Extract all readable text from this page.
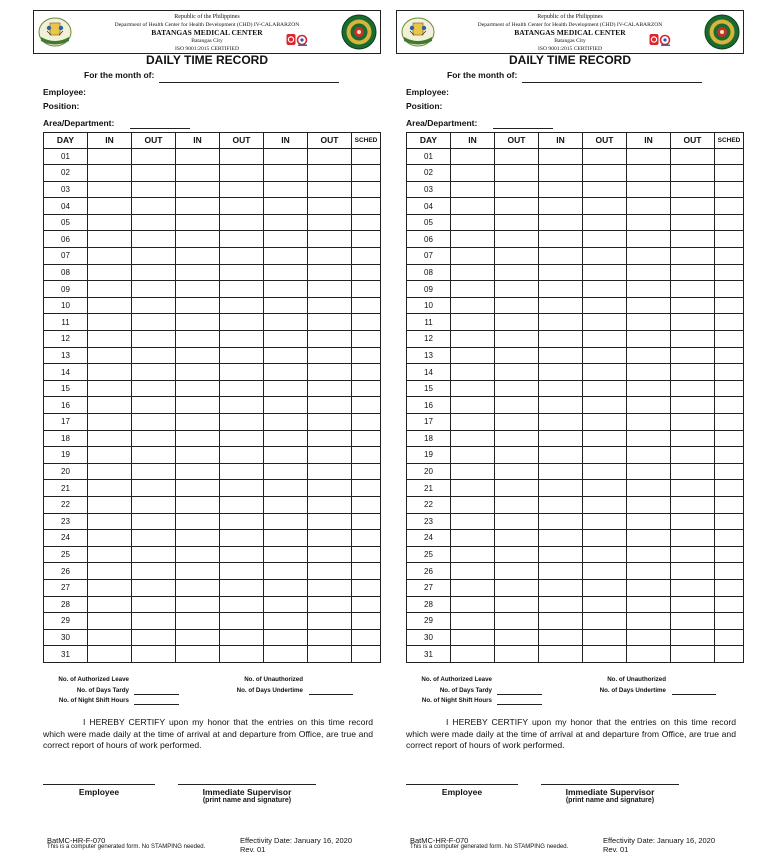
Republic of the Philippines
Department of Health Center for Health Development (CHD) IV-CALABARZON
BATANGAS MEDICAL CENTER
Batangas City
ISO 9001:2015 CERTIFIED
DAILY TIME RECORD
For the month of:
Employee:
Position:
Area/Department:
DAY	IN	OUT	IN	OUT	IN	OUT	SCHED
01							
02							
03							
04							
05							
06							
07							
08							
09							
10							
11							
12							
13							
14							
15							
16							
17							
18							
19							
20							
21							
22							
23							
24							
25							
26							
27							
28							
29							
30							
31							
No. of Authorized Leave
No. of Days Tardy
No. of Night Shift Hours
No. of Unauthorized
No. of Days Undertime
I HEREBY CERTIFY upon my honor that the entries on this time record which were made daily at the time of arrival at and departure from Office, are true and correct report of hours of work performed.
Employee	Immediate Supervisor
(print name and signature)
BatMC-HR-F-070
This is a computer generated form. No STAMPING needed.
Effectivity Date: January 16, 2020
Rev. 01
Republic of the Philippines
Department of Health Center for Health Development (CHD) IV-CALABARZON
BATANGAS MEDICAL CENTER
Batangas City
ISO 9001:2015 CERTIFIED
DAILY TIME RECORD
For the month of:
Employee:
Position:
Area/Department:
DAY	IN	OUT	IN	OUT	IN	OUT	SCHED
01							
02							
03							
04							
05							
06							
07							
08							
09							
10							
11							
12							
13							
14							
15							
16							
17							
18							
19							
20							
21							
22							
23							
24							
25							
26							
27							
28							
29							
30							
31							
No. of Authorized Leave
No. of Days Tardy
No. of Night Shift Hours
No. of Unauthorized
No. of Days Undertime
I HEREBY CERTIFY upon my honor that the entries on this time record which were made daily at the time of arrival at and departure from Office, are true and correct report of hours of work performed.
Employee	Immediate Supervisor
(print name and signature)
BatMC-HR-F-070
This is a computer generated form. No STAMPING needed.
Effectivity Date: January 16, 2020
Rev. 01
